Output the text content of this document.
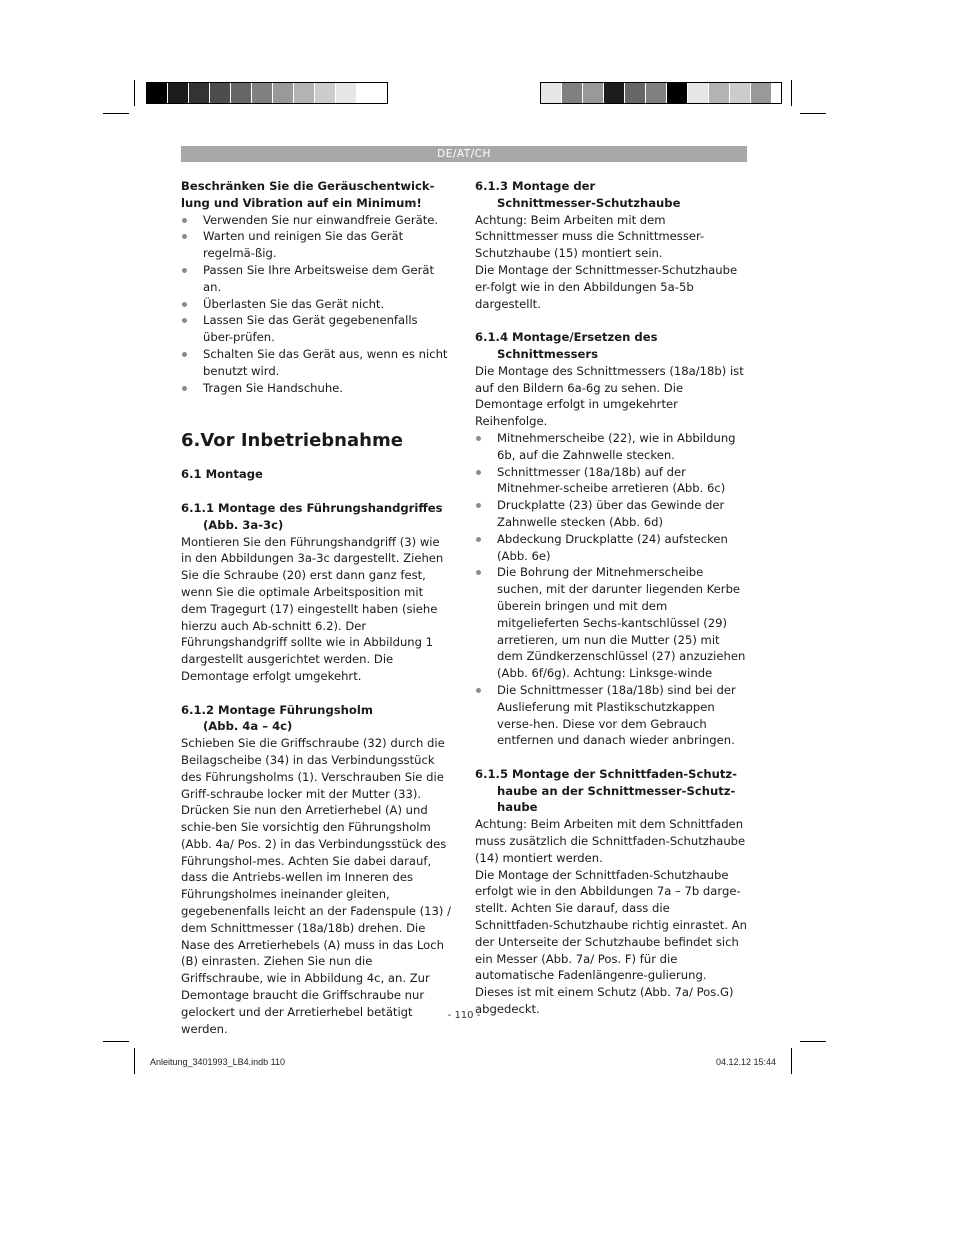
DE/AT/CH

Beschränken Sie die Geräuschentwick-lung und Vibration auf ein Minimum!

Verwenden Sie nur einwandfreie Geräte.
Warten und reinigen Sie das Gerät regelmä-ßig.
Passen Sie Ihre Arbeitsweise dem Gerät an.
Überlasten Sie das Gerät nicht.
Lassen Sie das Gerät gegebenenfalls über-prüfen.
Schalten Sie das Gerät aus, wenn es nicht benutzt wird.
Tragen Sie Handschuhe.

6.Vor Inbetriebnahme

6.1 Montage

6.1.1 Montage des Führungshandgriffes

(Abb. 3a-3c)

Montieren Sie den Führungshandgriff (3) wie in den Abbildungen 3a-3c dargestellt. Ziehen Sie die Schraube (20) erst dann ganz fest, wenn Sie die optimale Arbeitsposition mit dem Tragegurt (17) eingestellt haben (siehe hierzu auch Ab-schnitt 6.2). Der Führungshandgriff sollte wie in Abbildung 1 dargestellt ausgerichtet werden. Die Demontage erfolgt umgekehrt.

6.1.2 Montage Führungsholm

(Abb. 4a – 4c)

Schieben Sie die Griffschraube (32) durch die Beilagscheibe (34) in das Verbindungsstück des Führungsholms (1). Verschrauben Sie die Griff-schraube locker mit der Mutter (33).

Drücken Sie nun den Arretierhebel (A) und schie-ben Sie vorsichtig den Führungsholm (Abb. 4a/ Pos. 2) in das Verbindungsstück des Führungshol-mes. Achten Sie dabei darauf, dass die Antriebs-wellen im Inneren des Führungsholmes ineinander gleiten, gegebenenfalls leicht an der Fadenspule (13) / dem Schnittmesser (18a/18b) drehen. Die Nase des Arretierhebels (A) muss in das Loch (B) einrasten. Ziehen Sie nun die Griffschraube, wie in Abbildung 4c, an. Zur Demontage braucht die Griffschraube nur gelockert und der Arretierhebel betätigt werden.

6.1.3 Montage der

Schnittmesser-Schutzhaube

Achtung: Beim Arbeiten mit dem Schnittmesser muss die Schnittmesser-Schutzhaube (15) montiert sein.

Die Montage der Schnittmesser-Schutzhaube er-folgt wie in den Abbildungen 5a-5b dargestellt.

6.1.4 Montage/Ersetzen des

Schnittmessers

Die Montage des Schnittmessers (18a/18b) ist auf den Bildern 6a-6g zu sehen. Die Demontage erfolgt in umgekehrter Reihenfolge.

Mitnehmerscheibe (22), wie in Abbildung 6b, auf die Zahnwelle stecken.
Schnittmesser (18a/18b) auf der Mitnehmer-scheibe arretieren (Abb. 6c)
Druckplatte (23) über das Gewinde der Zahnwelle stecken (Abb. 6d)
Abdeckung Druckplatte (24) aufstecken (Abb. 6e)
Die Bohrung der Mitnehmerscheibe suchen, mit der darunter liegenden Kerbe überein bringen und mit dem mitgelieferten Sechs-kantschlüssel (29) arretieren, um nun die Mutter (25) mit dem Zündkerzenschlüssel (27) anzuziehen (Abb. 6f/6g). Achtung: Linksge-winde
Die Schnittmesser (18a/18b) sind bei der Auslieferung mit Plastikschutzkappen verse-hen. Diese vor dem Gebrauch entfernen und danach wieder anbringen.

6.1.5 Montage der Schnittfaden-Schutz-

haube an der Schnittmesser-Schutz-

haube

Achtung: Beim Arbeiten mit dem Schnittfaden muss zusätzlich die Schnittfaden-Schutzhaube (14) montiert werden.

Die Montage der Schnittfaden-Schutzhaube erfolgt wie in den Abbildungen 7a – 7b darge-stellt. Achten Sie darauf, dass die Schnittfaden-Schutzhaube richtig einrastet. An der Unterseite der Schutzhaube befindet sich ein Messer (Abb. 7a/ Pos. F) für die automatische Fadenlängenre-gulierung. Dieses ist mit einem Schutz (Abb. 7a/ Pos.G) abgedeckt.

- 110 -
Anleitung_3401993_LB4.indb 110	04.12.12 15:44
